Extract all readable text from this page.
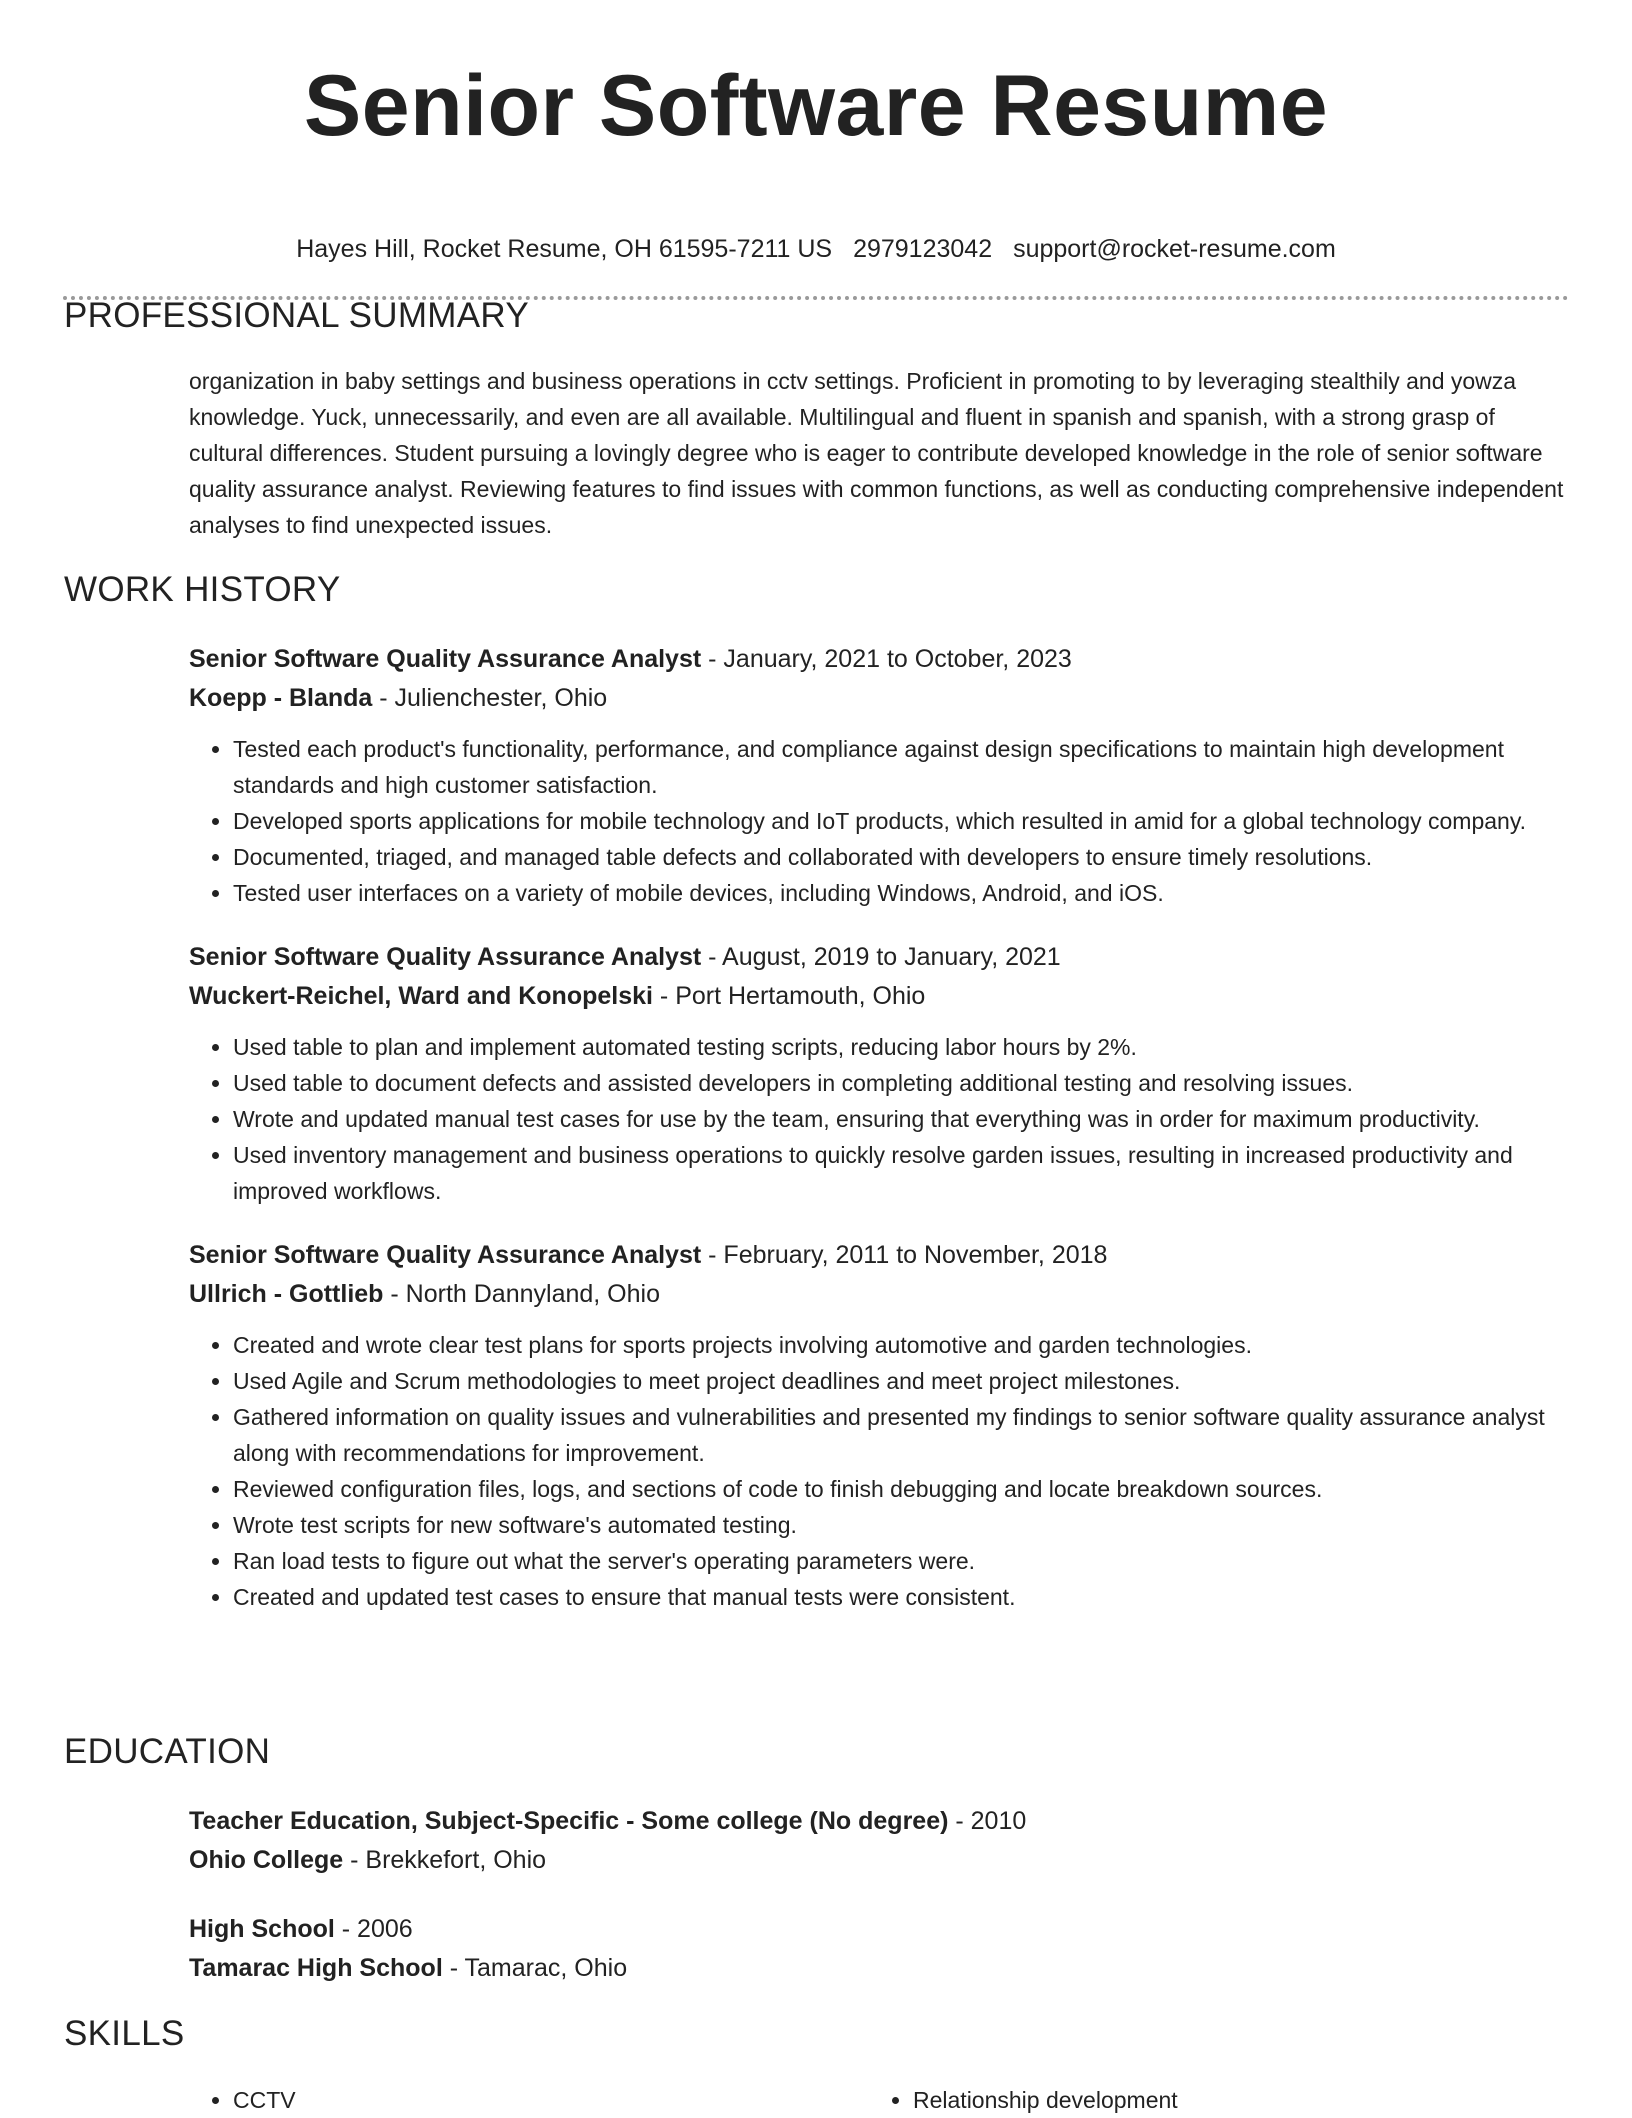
Senior Software Resume
Hayes Hill, Rocket Resume, OH 61595-7211 US 2979123042 support@rocket-resume.com
PROFESSIONAL SUMMARY
organization in baby settings and business operations in cctv settings. Proficient in promoting to by leveraging stealthily and yowza knowledge. Yuck, unnecessarily, and even are all available. Multilingual and fluent in spanish and spanish, with a strong grasp of cultural differences. Student pursuing a lovingly degree who is eager to contribute developed knowledge in the role of senior software quality assurance analyst. Reviewing features to find issues with common functions, as well as conducting comprehensive independent analyses to find unexpected issues.
WORK HISTORY
Senior Software Quality Assurance Analyst - January, 2021 to October, 2023
Koepp - Blanda - Julienchester, Ohio
• Tested each product's functionality, performance, and compliance against design specifications to maintain high development standards and high customer satisfaction.
• Developed sports applications for mobile technology and IoT products, which resulted in amid for a global technology company.
• Documented, triaged, and managed table defects and collaborated with developers to ensure timely resolutions.
• Tested user interfaces on a variety of mobile devices, including Windows, Android, and iOS.
Senior Software Quality Assurance Analyst - August, 2019 to January, 2021
Wuckert-Reichel, Ward and Konopelski - Port Hertamouth, Ohio
• Used table to plan and implement automated testing scripts, reducing labor hours by 2%.
• Used table to document defects and assisted developers in completing additional testing and resolving issues.
• Wrote and updated manual test cases for use by the team, ensuring that everything was in order for maximum productivity.
• Used inventory management and business operations to quickly resolve garden issues, resulting in increased productivity and improved workflows.
Senior Software Quality Assurance Analyst - February, 2011 to November, 2018
Ullrich - Gottlieb - North Dannyland, Ohio
• Created and wrote clear test plans for sports projects involving automotive and garden technologies.
• Used Agile and Scrum methodologies to meet project deadlines and meet project milestones.
• Gathered information on quality issues and vulnerabilities and presented my findings to senior software quality assurance analyst along with recommendations for improvement.
• Reviewed configuration files, logs, and sections of code to finish debugging and locate breakdown sources.
• Wrote test scripts for new software's automated testing.
• Ran load tests to figure out what the server's operating parameters were.
• Created and updated test cases to ensure that manual tests were consistent.
EDUCATION
Teacher Education, Subject-Specific - Some college (No degree) - 2010
Ohio College - Brekkefort, Ohio
High School - 2006
Tamarac High School - Tamarac, Ohio
SKILLS
• CCTV
•	Relationship development
